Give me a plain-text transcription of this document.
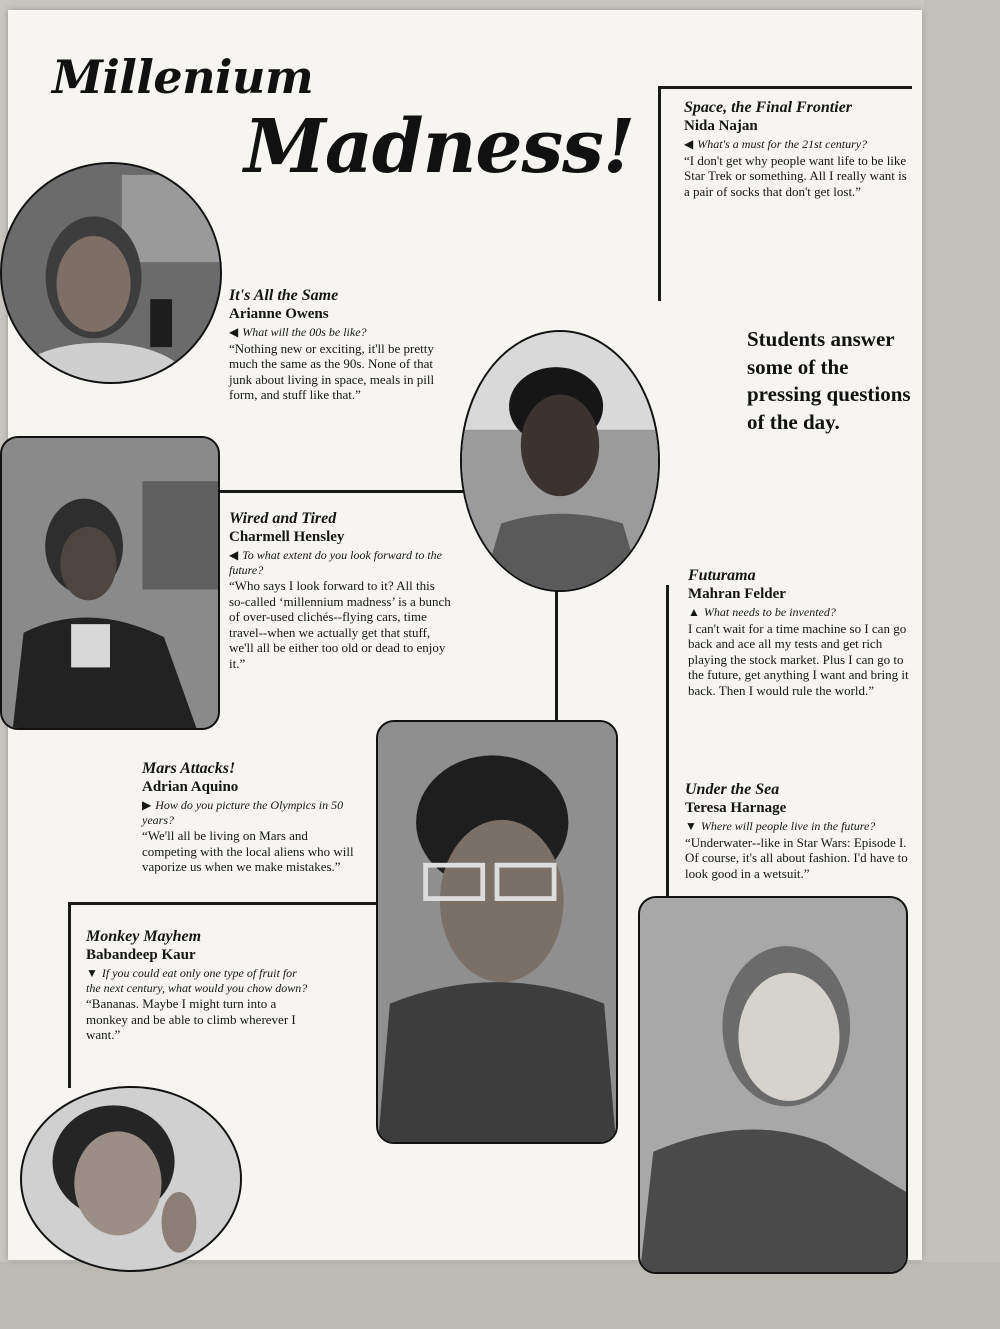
Millenium
Madness!	Space, the Final Frontier
Nida Najan
◀ What's a must for the 21st century?
“I don't get why people want life to be like Star Trek or something. All I really want is a pair of socks that don't get lost.”
It's All the Same
Arianne Owens
◀ What will the 00s be like?
“Nothing new or exciting, it'll be pretty much the same as the 90s. None of that junk about living in space, meals in pill form, and stuff like that.”
Wired and Tired
Charmell Hensley
◀ To what extent do you look forward to the future?
“Who says I look forward to it? All this so-called ‘millennium madness’ is a bunch of over-used clichés--flying cars, time travel--when we actually get that stuff, we'll all be either too old or dead to enjoy it.”
Students answer some of the pressing questions of the day.
Futurama
Mahran Felder
▲ What needs to be invented?
I can't wait for a time machine so I can go back and ace all my tests and get rich playing the stock market. Plus I can go to the future, get anything I want and bring it back. Then I would rule the world.”
Mars Attacks!
Adrian Aquino
▶ How do you picture the Olympics in 50 years?
“We'll all be living on Mars and competing with the local aliens who will vaporize us when we make mistakes.”
Under the Sea
Teresa Harnage
▼ Where will people live in the future?
“Underwater--like in Star Wars: Episode I. Of course, it's all about fashion. I'd have to look good in a wetsuit.”
Monkey Mayhem
Babandeep Kaur
▼ If you could eat only one type of fruit for the next century, what would you chow down?
“Bananas. Maybe I might turn into a monkey and be able to climb wherever I want.”
